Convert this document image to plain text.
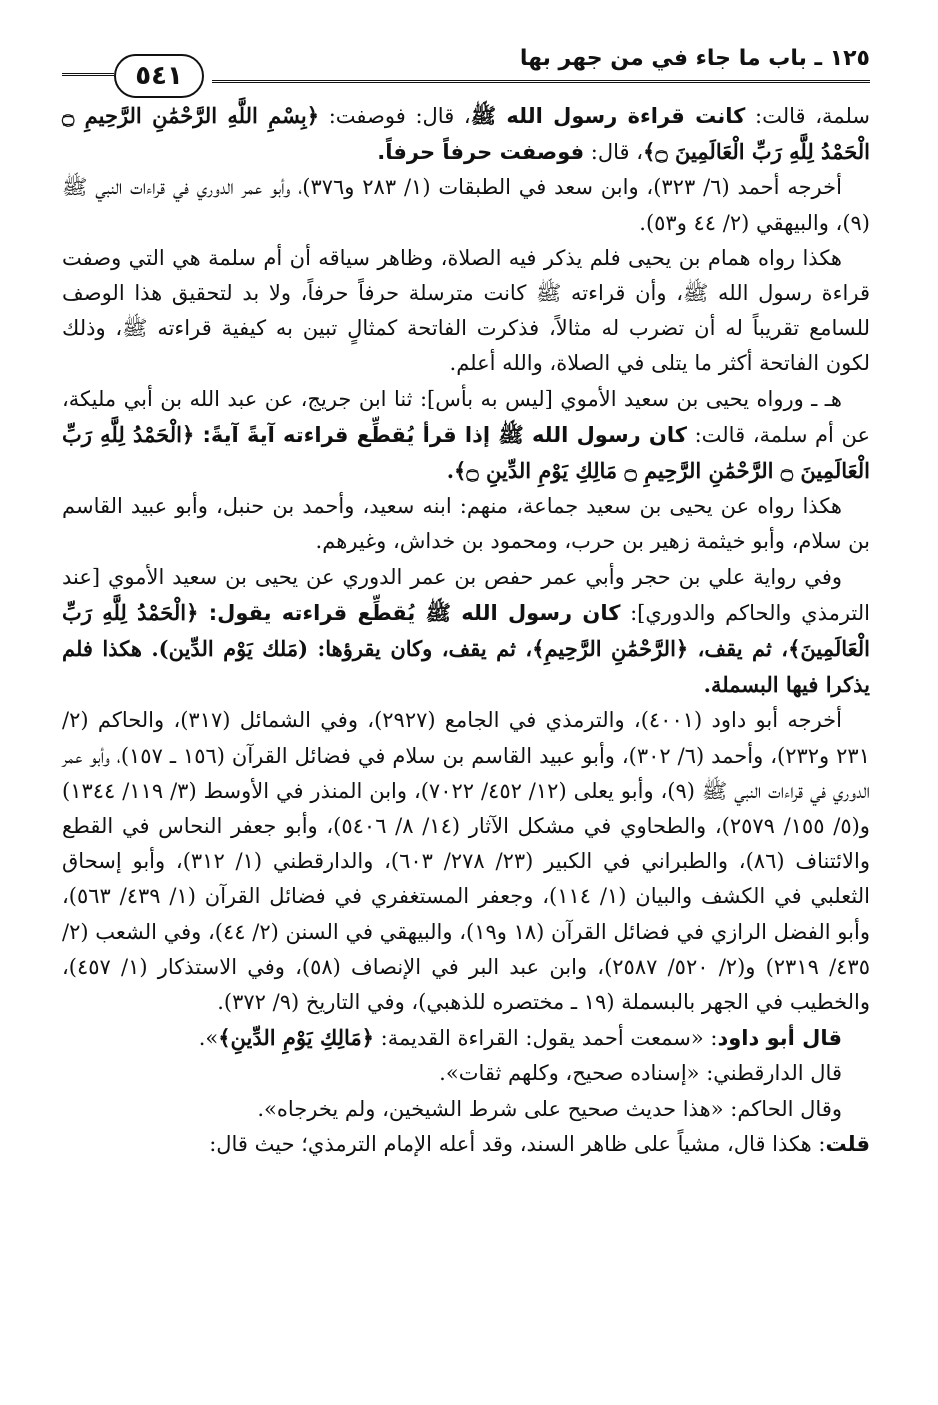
١٢٥ ـ باب ما جاء في من جهر بها
٥٤١

سلمة، قالت: كانت قراءة رسول الله ﷺ، قال: فوصفت: ﴿بِسْمِ اللَّهِ الرَّحْمَٰنِ الرَّحِيمِ ۝ الْحَمْدُ لِلَّهِ رَبِّ الْعَالَمِينَ ۝﴾، قال: فوصفت حرفاً حرفاً.

أخرجه أحمد (٦/ ٣٢٣)، وابن سعد في الطبقات (١/ ٢٨٣ و٣٧٦)، وأبو عمر الدوري في قراءات النبي ﷺ (٩)، والبيهقي (٢/ ٤٤ و٥٣).

هكذا رواه همام بن يحيى فلم يذكر فيه الصلاة، وظاهر سياقه أن أم سلمة هي التي وصفت قراءة رسول الله ﷺ، وأن قراءته ﷺ كانت مترسلة حرفاً حرفاً، ولا بد لتحقيق هذا الوصف للسامع تقريباً له أن تضرب له مثالاً، فذكرت الفاتحة كمثالٍ تبين به كيفية قراءته ﷺ، وذلك لكون الفاتحة أكثر ما يتلى في الصلاة، والله أعلم.

هـ ـ ورواه يحيى بن سعيد الأموي [ليس به بأس]: ثنا ابن جريج، عن عبد الله بن أبي مليكة، عن أم سلمة، قالت: كان رسول الله ﷺ إذا قرأ يُقطِّع قراءته آيةً آيةً: ﴿الْحَمْدُ لِلَّهِ رَبِّ الْعَالَمِينَ ۝ الرَّحْمَٰنِ الرَّحِيمِ ۝ مَالِكِ يَوْمِ الدِّينِ ۝﴾.

هكذا رواه عن يحيى بن سعيد جماعة، منهم: ابنه سعيد، وأحمد بن حنبل، وأبو عبيد القاسم بن سلام، وأبو خيثمة زهير بن حرب، ومحمود بن خداش، وغيرهم.

وفي رواية علي بن حجر وأبي عمر حفص بن عمر الدوري عن يحيى بن سعيد الأموي [عند الترمذي والحاكم والدوري]: كان رسول الله ﷺ يُقطِّع قراءته يقول: ﴿الْحَمْدُ لِلَّهِ رَبِّ الْعَالَمِينَ﴾، ثم يقف، ﴿الرَّحْمَٰنِ الرَّحِيمِ﴾، ثم يقف، وكان يقرؤها: (مَلك يَوْم الدِّين). هكذا فلم يذكرا فيها البسملة.

أخرجه أبو داود (٤٠٠١)، والترمذي في الجامع (٢٩٢٧)، وفي الشمائل (٣١٧)، والحاكم (٢/ ٢٣١ و٢٣٢)، وأحمد (٦/ ٣٠٢)، وأبو عبيد القاسم بن سلام في فضائل القرآن (١٥٦ ـ ١٥٧)، وأبو عمر الدوري في قراءات النبي ﷺ (٩)، وأبو يعلى (١٢/ ٤٥٢/ ٧٠٢٢)، وابن المنذر في الأوسط (٣/ ١١٩/ ١٣٤٤) و(٥/ ١٥٥/ ٢٥٧٩)، والطحاوي في مشكل الآثار (١٤/ ٨/ ٥٤٠٦)، وأبو جعفر النحاس في القطع والائتناف (٨٦)، والطبراني في الكبير (٢٣/ ٢٧٨/ ٦٠٣)، والدارقطني (١/ ٣١٢)، وأبو إسحاق الثعلبي في الكشف والبيان (١/ ١١٤)، وجعفر المستغفري في فضائل القرآن (١/ ٤٣٩/ ٥٦٣)، وأبو الفضل الرازي في فضائل القرآن (١٨ و١٩)، والبيهقي في السنن (٢/ ٤٤)، وفي الشعب (٢/ ٤٣٥/ ٢٣١٩) و(٢/ ٥٢٠/ ٢٥٨٧)، وابن عبد البر في الإنصاف (٥٨)، وفي الاستذكار (١/ ٤٥٧)، والخطيب في الجهر بالبسملة (١٩ ـ مختصره للذهبي)، وفي التاريخ (٩/ ٣٧٢).

قال أبو داود: «سمعت أحمد يقول: القراءة القديمة: ﴿مَالِكِ يَوْمِ الدِّينِ﴾».

قال الدارقطني: «إسناده صحيح، وكلهم ثقات».

وقال الحاكم: «هذا حديث صحيح على شرط الشيخين، ولم يخرجاه».

قلت: هكذا قال، مشياً على ظاهر السند، وقد أعله الإمام الترمذي؛ حيث قال:
